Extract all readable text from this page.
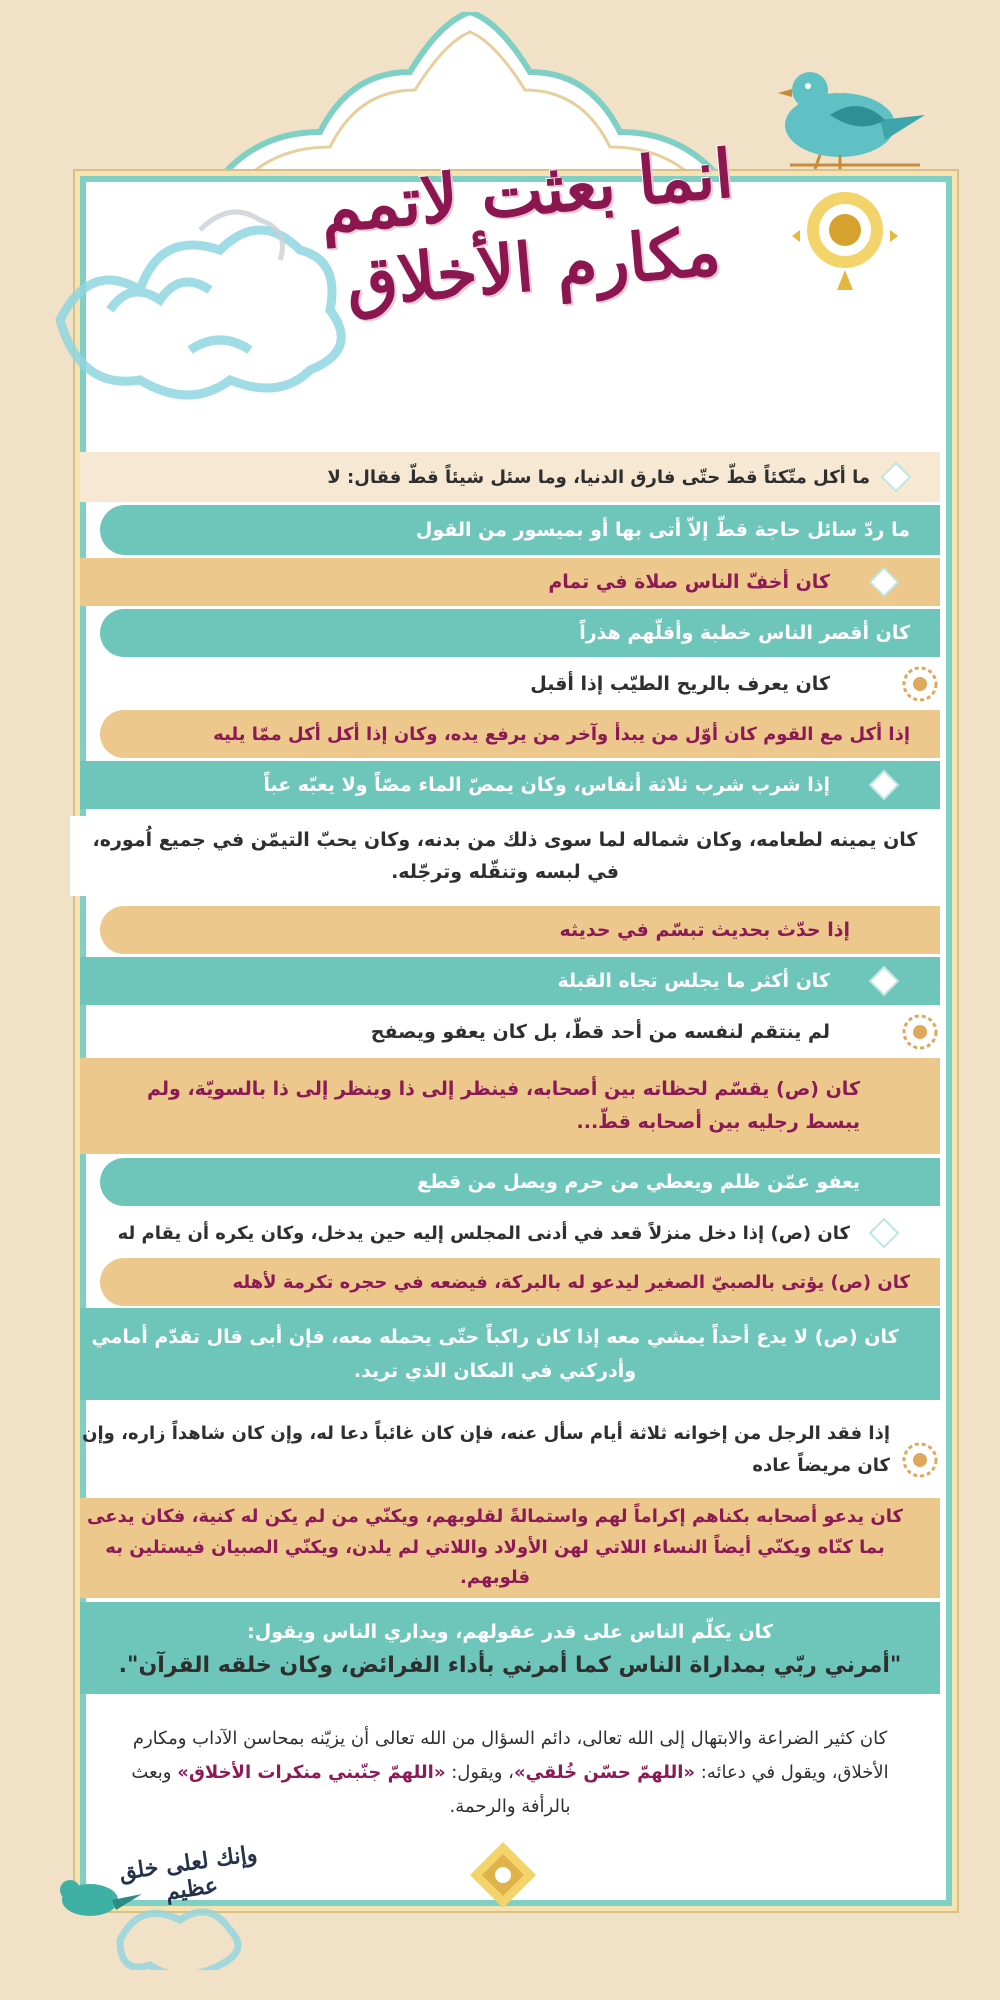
انما بعثت لاتمم مكارم الأخلاق
ما أكل متّكئاً قطّ حتّى فارق الدنيا، وما سئل شيئاً قطّ فقال: لا
ما ردّ سائل حاجة قطّ إلاّ أتى بها أو بميسور من القول
كان أخفّ الناس صلاة في تمام
كان أقصر الناس خطبة وأقلّهم هذراً
كان يعرف بالريح الطيّب إذا أقبل
إذا أكل مع القوم كان أوّل من يبدأ وآخر من يرفع يده، وكان إذا أكل أكل ممّا يليه
إذا شرب شرب ثلاثة أنفاس، وكان يمصّ الماء مصّاً ولا يعبّه عباً
كان يمينه لطعامه، وكان شماله لما سوى ذلك من بدنه، وكان يحبّ التيمّن في جميع اُموره، في لبسه وتنقّله وترجّله.
إذا حدّث بحديث تبسّم في حديثه
كان أكثر ما يجلس تجاه القبلة
لم ينتقم لنفسه من أحد قطّ، بل كان يعفو ويصفح
كان (ص) يقسّم لحظاته بين أصحابه، فينظر إلى ذا وينظر إلى ذا بالسويّة، ولم يبسط رجليه بين أصحابه قطّ...
يعفو عمّن ظلم ويعطي من حرم ويصل من قطع
كان (ص) إذا دخل منزلاً قعد في أدنى المجلس إليه حين يدخل، وكان يكره أن يقام له
كان (ص) يؤتى بالصبيّ الصغير ليدعو له بالبركة، فيضعه في حجره تكرمة لأهله
كان (ص) لا يدع أحداً يمشي معه إذا كان راكباً حتّى يحمله معه، فإن أبى قال تقدّم أمامي وأدركني في المكان الذي تريد.
إذا فقد الرجل من إخوانه ثلاثة أيام سأل عنه، فإن كان غائباً دعا له، وإن كان شاهداً زاره، وإن كان مريضاً عاده
كان يدعو أصحابه بكناهم إكراماً لهم واستمالةً لقلوبهم، ويكنّي من لم يكن له كنية، فكان يدعى بما كنّاه ويكنّي أيضاً النساء اللاتي لهن الأولاد واللاتي لم يلدن، ويكنّي الصبيان فيستلين به قلوبهم.
كان يكلّم الناس على قدر عقولهم، ويداري الناس ويقول:
"أمرني ربّي بمداراة الناس كما أمرني بأداء الفرائض، وكان خلقه القرآن".
كان كثير الضراعة والابتهال إلى الله تعالى، دائم السؤال من الله تعالى أن يزيّنه بمحاسن الآداب ومكارم الأخلاق، ويقول في دعائه: «اللهمّ حسّن خُلقي»، ويقول: «اللهمّ جنّبني منكرات الأخلاق» وبعث بالرأفة والرحمة.
وإنك لعلى خلق عظيم
